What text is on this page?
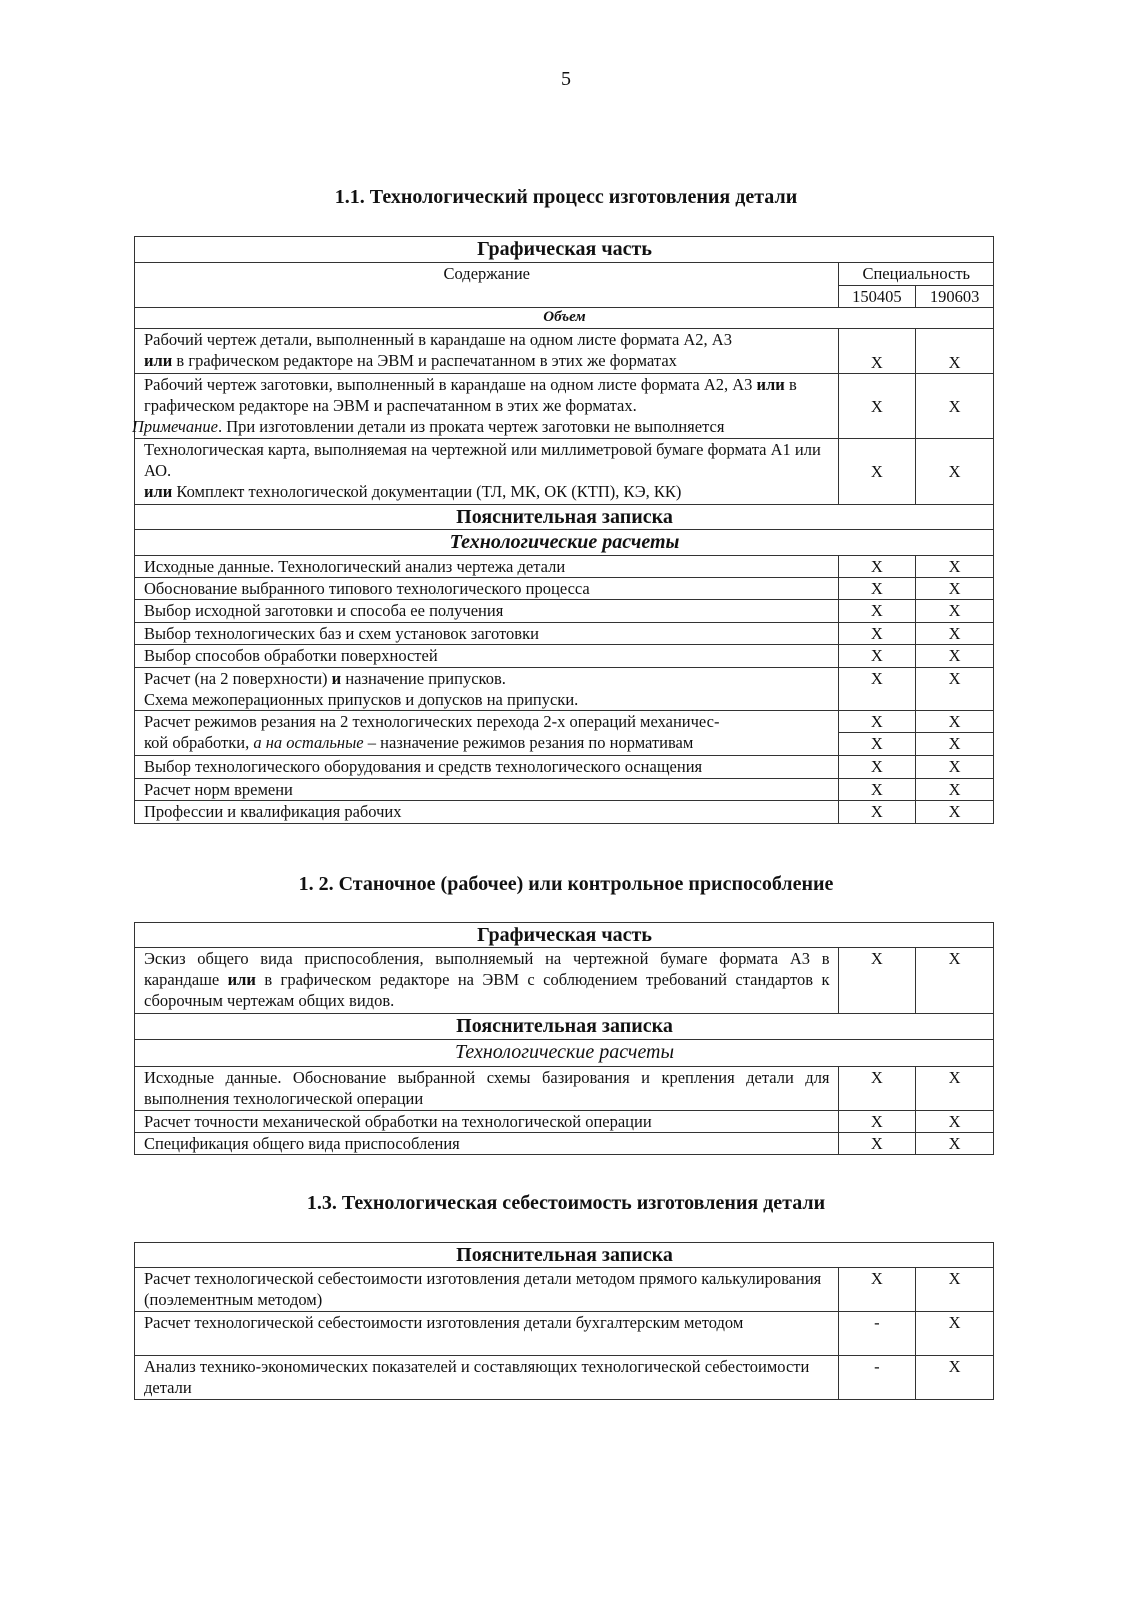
5
1.1. Технологический процесс изготовления детали
Графическая часть		
Содержание	Специальность	
	150405	190603
Объем		
Рабочий чертеж детали, выполненный в карандаше на одном листе формата А2, А3
или в графическом редакторе на ЭВМ и распечатанном в этих же форматах	Х	Х
Рабочий чертеж заготовки, выполненный в карандаше на одном листе формата А2, А3 или в графическом редакторе на ЭВМ и распечатанном в этих же форматах.
Примечание. При изготовлении детали из проката чертеж заготовки не выполняется	Х	Х
Технологическая карта, выполняемая на чертежной или миллиметровой бумаге формата А1 или АО.
или Комплект технологической документации (ТЛ, МК, ОК (КТП), КЭ, КК)	Х	Х
Пояснительная записка		
Технологические расчеты		
Исходные данные. Технологический анализ чертежа детали	Х	Х
Обоснование выбранного типового технологического процесса	Х	Х
Выбор исходной заготовки и способа ее получения	Х	Х
Выбор технологических баз и схем установок заготовки	Х	Х
Выбор способов обработки поверхностей	Х	Х
Расчет (на 2 поверхности) и назначение припусков.
Схема межоперационных припусков и допусков на припуски.	Х	Х
Расчет режимов резания на 2 технологических перехода 2-х операций механичес-
кой обработки, а на остальные – назначение режимов резания по нормативам	Х	Х
	Х	Х
Выбор технологического оборудования и средств технологического оснащения	Х	Х
Расчет норм времени	Х	Х
Профессии и квалификация рабочих	Х	Х
1. 2. Станочное (рабочее) или контрольное приспособление
Графическая часть		
Эскиз общего вида приспособления, выполняемый на чертежной бумаге формата А3 в карандаше или в графическом редакторе на ЭВМ с соблюдением требований стандартов к сборочным чертежам общих видов.	Х	Х
Пояснительная записка		
Технологические расчеты		
Исходные данные. Обоснование выбранной схемы базирования и крепления детали для выполнения технологической операции	Х	Х
Расчет точности механической обработки на технологической операции	Х	Х
Спецификация общего вида приспособления	Х	Х
1.3. Технологическая себестоимость изготовления детали
Пояснительная записка		
Расчет технологической себестоимости изготовления детали методом прямого калькулирования (поэлементным методом)	Х	Х
Расчет технологической себестоимости изготовления детали бухгалтерским методом	-	Х
Анализ технико-экономических показателей и составляющих технологической себестоимости детали	-	Х
